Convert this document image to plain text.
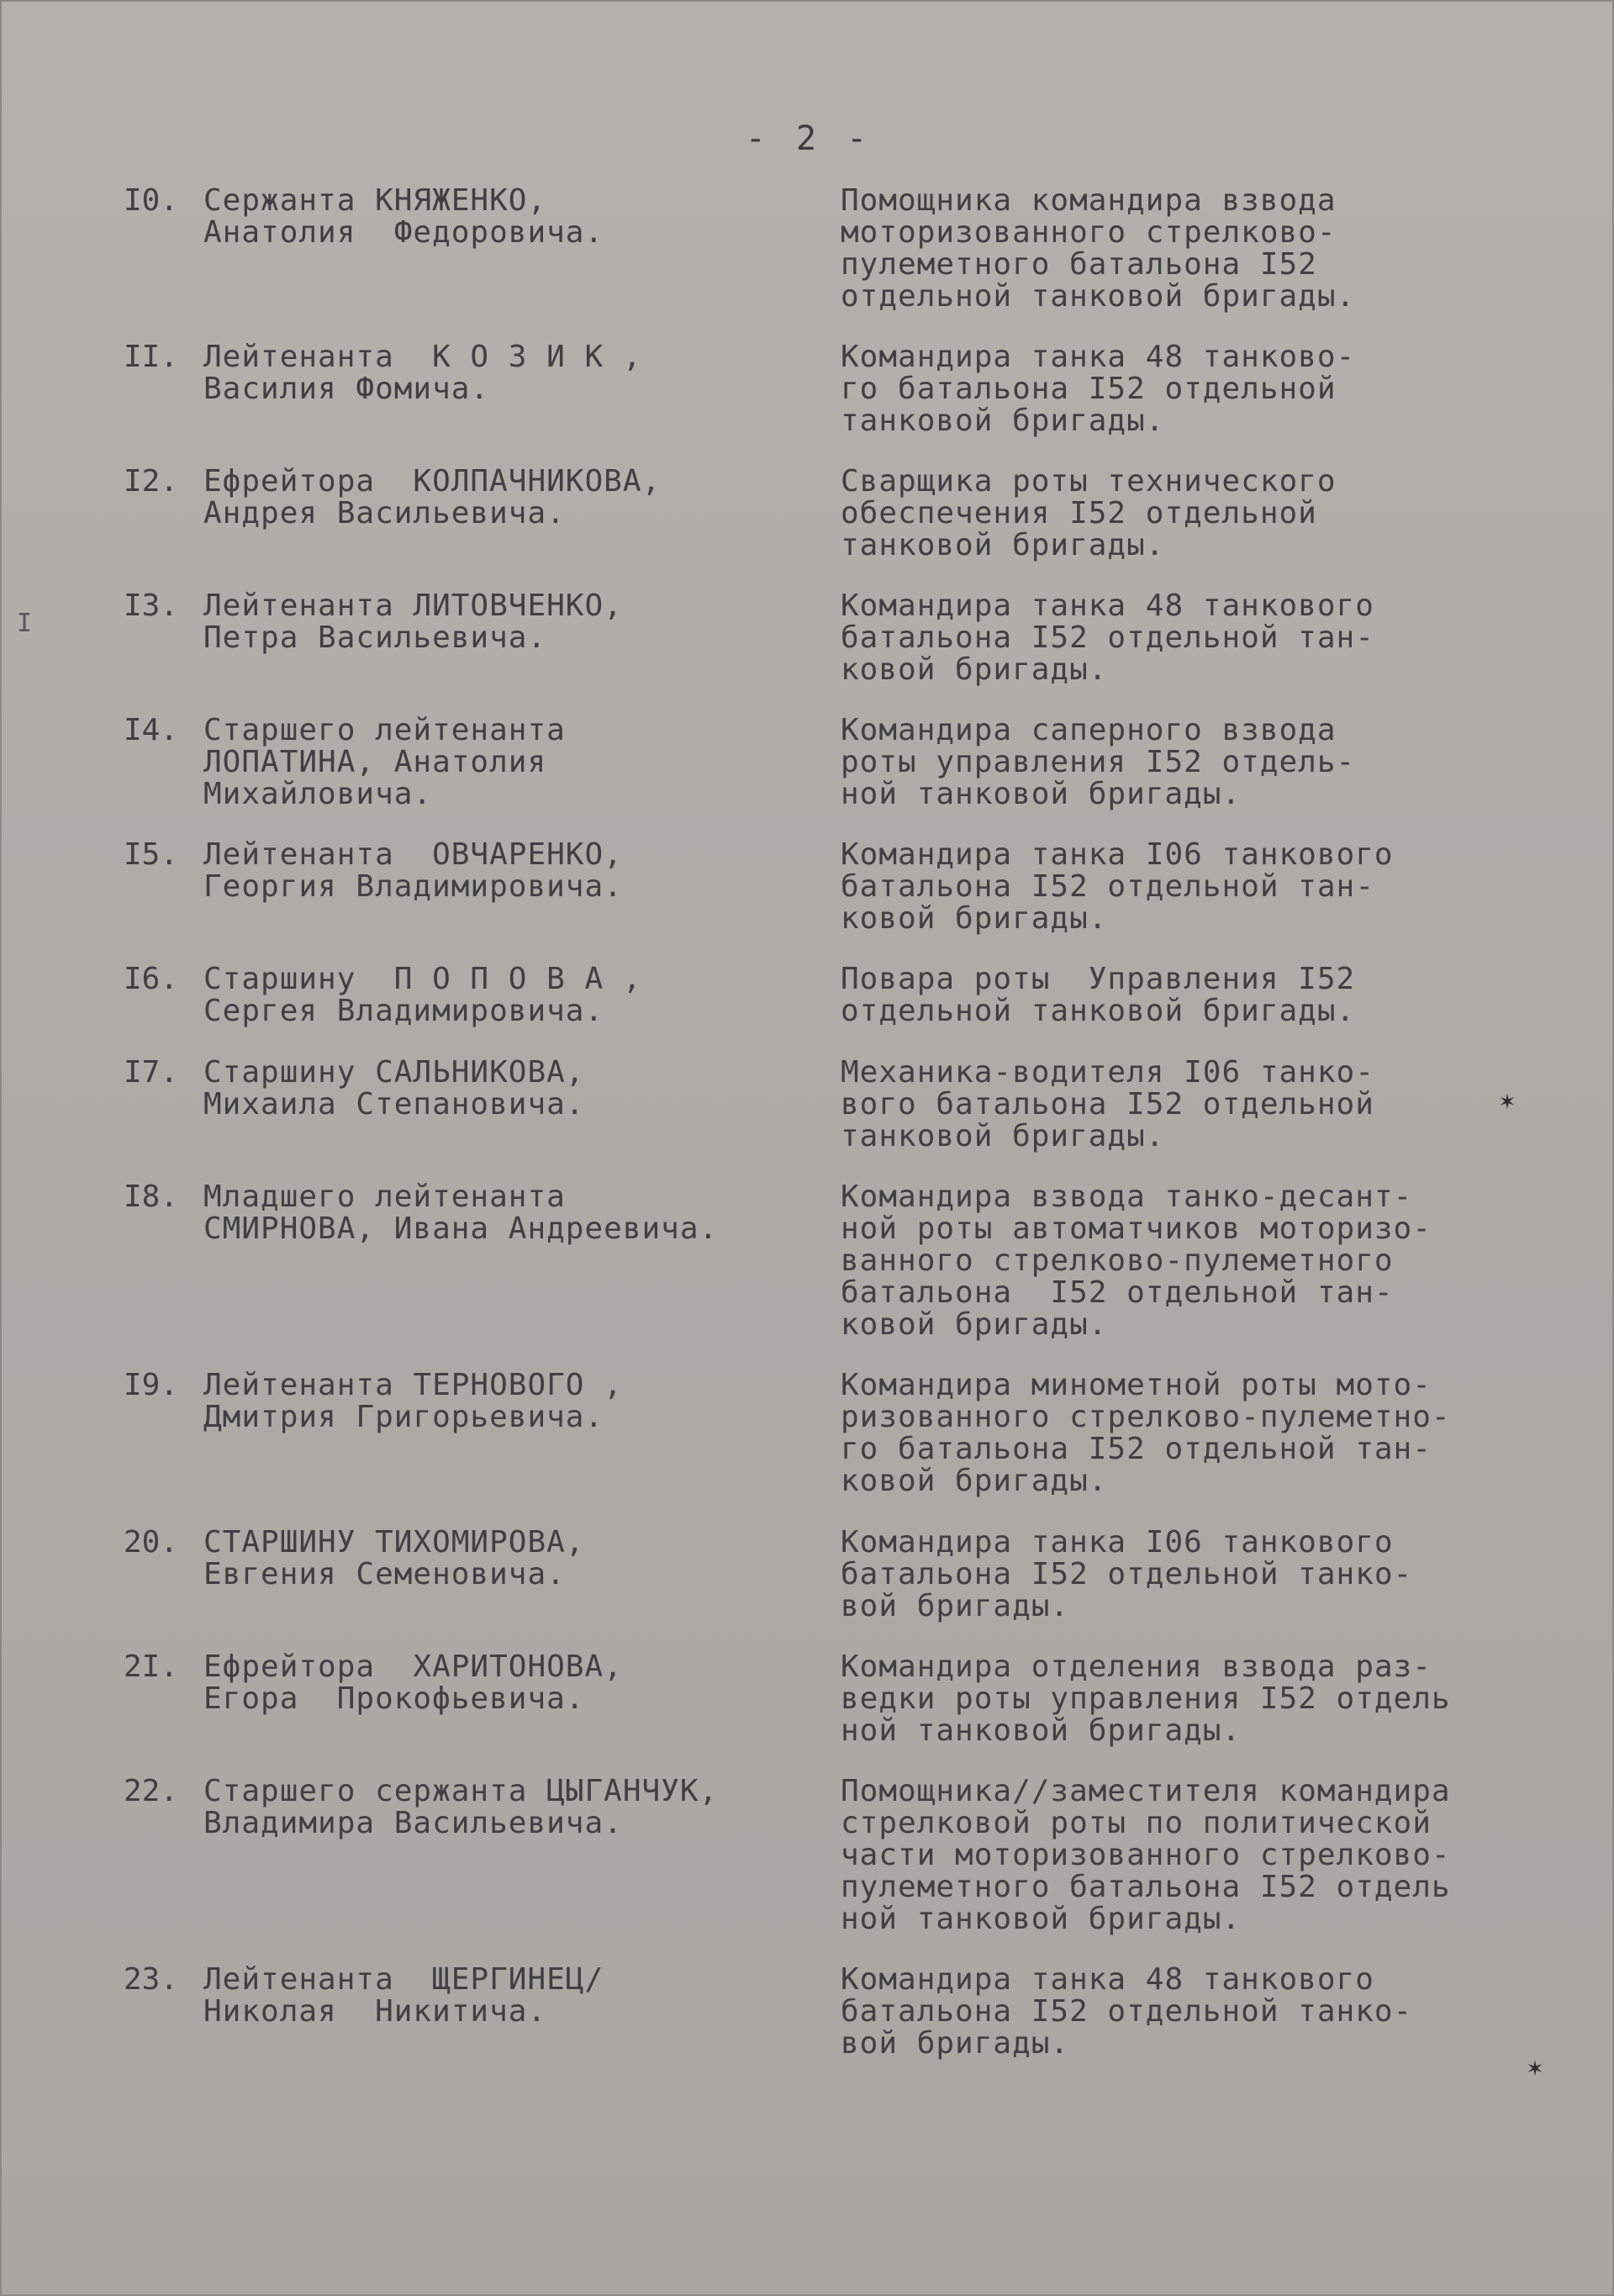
- 2 -
I
I0. Сержанта КНЯЖЕНКО,
Анатолия  Федоровича.
Помощника командира взвода
моторизованного стрелково-
пулеметного батальона I52
отдельной танковой бригады.
II. Лейтенанта  К О З И К ,
Василия Фомича.
Командира танка 48 танково-
го батальона I52 отдельной
танковой бригады.
I2. Ефрейтора  КОЛПАЧНИКОВА,
Андрея Васильевича.
Сварщика роты технического
обеспечения I52 отдельной
танковой бригады.
I3. Лейтенанта ЛИТОВЧЕНКО,
Петра Васильевича.
Командира танка 48 танкового
батальона I52 отдельной тан-
ковой бригады.
I4. Старшего лейтенанта
ЛОПАТИНА, Анатолия
Михайловича.
Командира саперного взвода
роты управления I52 отдель-
ной танковой бригады.
I5. Лейтенанта  ОВЧАРЕНКО,
Георгия Владимировича.
Командира танка I06 танкового
батальона I52 отдельной тан-
ковой бригады.
I6. Старшину  П О П О В А ,
Сергея Владимировича.
Повара роты  Управления I52
отдельной танковой бригады.
I7. Старшину САЛЬНИКОВА,
Михаила Степановича.
Механика-водителя I06 танко-
вого батальона I52 отдельной
танковой бригады.
I8. Младшего лейтенанта
СМИРНОВА, Ивана Андреевича.
Командира взвода танко-десант-
ной роты автоматчиков моторизо-
ванного стрелково-пулеметного
батальона  I52 отдельной тан-
ковой бригады.
I9. Лейтенанта ТЕРНОВОГО ,
Дмитрия Григорьевича.
Командира минометной роты мото-
ризованного стрелково-пулеметно-
го батальона I52 отдельной тан-
ковой бригады.
20. СТАРШИНУ ТИХОМИРОВА,
Евгения Семеновича.
Командира танка I06 танкового
батальона I52 отдельной танко-
вой бригады.
2I. Ефрейтора  ХАРИТОНОВА,
Егора  Прокофьевича.
Командира отделения взвода раз-
ведки роты управления I52 отдель
ной танковой бригады.
22. Старшего сержанта ЦЫГАНЧУК,
Владимира Васильевича.
Помощника//заместителя командира
стрелковой роты по политической
части моторизованного стрелково-
пулеметного батальона I52 отдель
ной танковой бригады.
23. Лейтенанта  ЩЕРГИНЕЦ/
Николая  Никитича.
Командира танка 48 танкового
батальона I52 отдельной танко-
вой бригады.
✶
✶
